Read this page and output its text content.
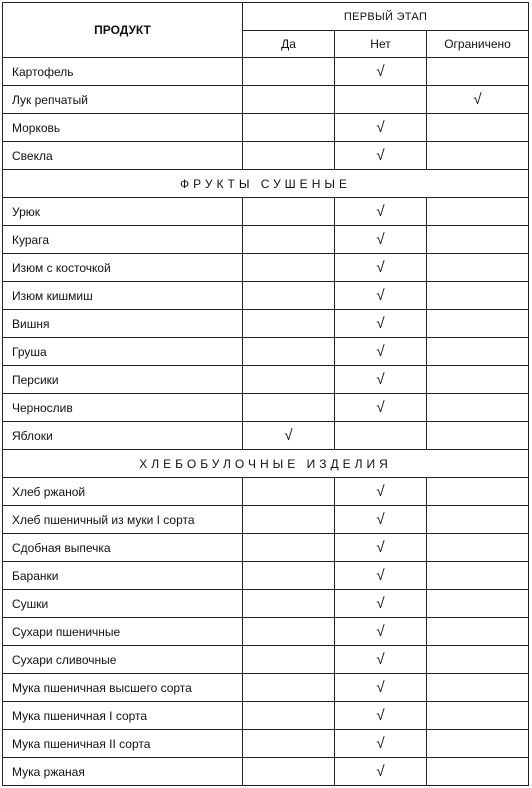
ПРОДУКТ	ПЕРВЫЙ ЭТАП		
	Да	Нет	Ограничено
Картофель		√	
Лук репчатый			√
Морковь		√	
Свекла		√	
ФРУКТЫ СУШЕНЫЕ			
Урюк		√	
Курага		√	
Изюм с косточкой		√	
Изюм кишмиш		√	
Вишня		√	
Груша		√	
Персики		√	
Чернослив		√	
Яблоки	√		
ХЛЕБОБУЛОЧНЫЕ ИЗДЕЛИЯ			
Хлеб ржаной		√	
Хлеб пшеничный из муки I сорта		√	
Сдобная выпечка		√	
Баранки		√	
Сушки		√	
Сухари пшеничные		√	
Сухари сливочные		√	
Мука пшеничная высшего сорта		√	
Мука пшеничная I сорта		√	
Мука пшеничная II сорта		√	
Мука ржаная		√	
